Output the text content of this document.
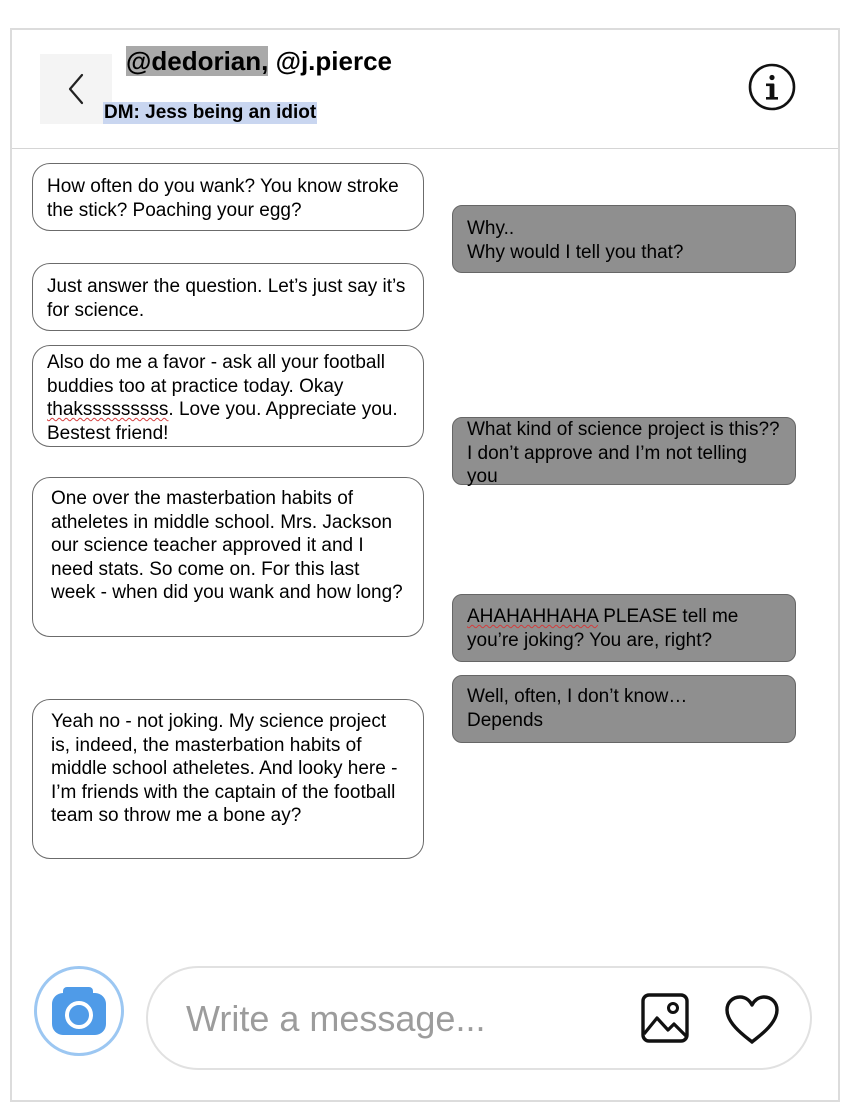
@dedorian, @j.pierce
DM: Jess being an idiot
How often do you wank? You know stroke the stick? Poaching your egg?
Why..
Why would I tell you that?
Just answer the question. Let’s just say it’s for science.
Also do me a favor - ask all your football buddies too at practice today. Okay thaksssssssss. Love you. Appreciate you. Bestest friend!	What kind of science project is this?? I don’t approve and I’m not telling you
One over the masterbation habits of atheletes in middle school. Mrs. Jackson our science teacher approved it and I need stats. So come on. For this last week - when did you wank and how long?
AHAHAHHAHA PLEASE tell me you’re joking? You are, right?
Well, often, I don’t know…
Depends
Yeah no - not joking. My science project is, indeed, the masterbation habits of middle school atheletes. And looky here - I’m friends with the captain of the football team so throw me a bone ay?
Write a message...
